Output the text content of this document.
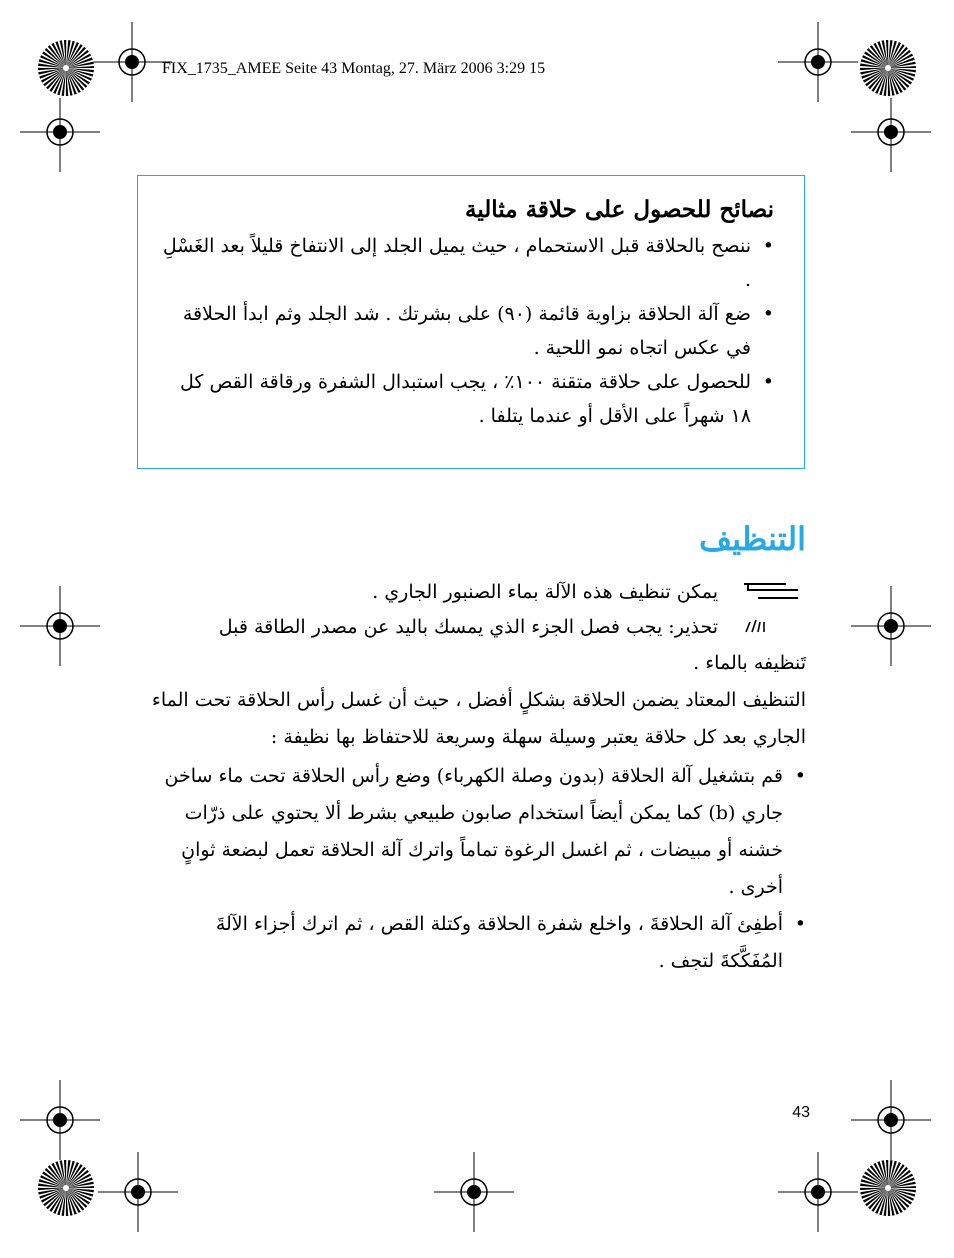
FIX_1735_AMEE Seite 43 Montag, 27. März 2006 3:29 15
نصائح للحصول على حلاقة مثالية
•
ننصح بالحلاقة قبل الاستحمام ، حيث يميل الجلد إلى الانتفاخ قليلاً بعد الغَسْلِ .
•
ضع آلة الحلاقة بزاوية قائمة (٩٠) على بشرتك . شد الجلد وثم ابدأ الحلاقة في عكس اتجاه نمو اللحية .
•
للحصول على حلاقة متقنة ١٠٠٪ ، يجب استبدال الشفرة ورقاقة القص كل ١٨ شهراً على الأقل أو عندما يتلفا .
التنظيف

يمكن تنظيف هذه الآلة بماء الصنبور الجاري .

تحذير: يجب فصل الجزء الذي يمسك باليد عن مصدر الطاقة قبل

تَنظيفه بالماء .

التنظيف المعتاد يضمن الحلاقة بشكلٍ أفضل ، حيث أن غسل رأس الحلاقة تحت الماء الجاري بعد كل حلاقة يعتبر وسيلة سهلة وسريعة للاحتفاظ بها نظيفة :

•
قم بتشغيل آلة الحلاقة (بدون وصلة الكهرباء) وضع رأس الحلاقة تحت ماء ساخن جاري (b) كما يمكن أيضاً استخدام صابون طبيعي بشرط ألا يحتوي على ذرّات خشنه أو مبيضات ، ثم اغسل الرغوة تماماً واترك آلة الحلاقة تعمل لبضعة ثوانٍ أخرى .
•
أطفِئ آلة الحلاقةَ ، واخلع شفرة الحلاقة وكتلة القص ، ثم اترك أجزاء الآلةَ المُفَكَّكةَ لتجف .
43
